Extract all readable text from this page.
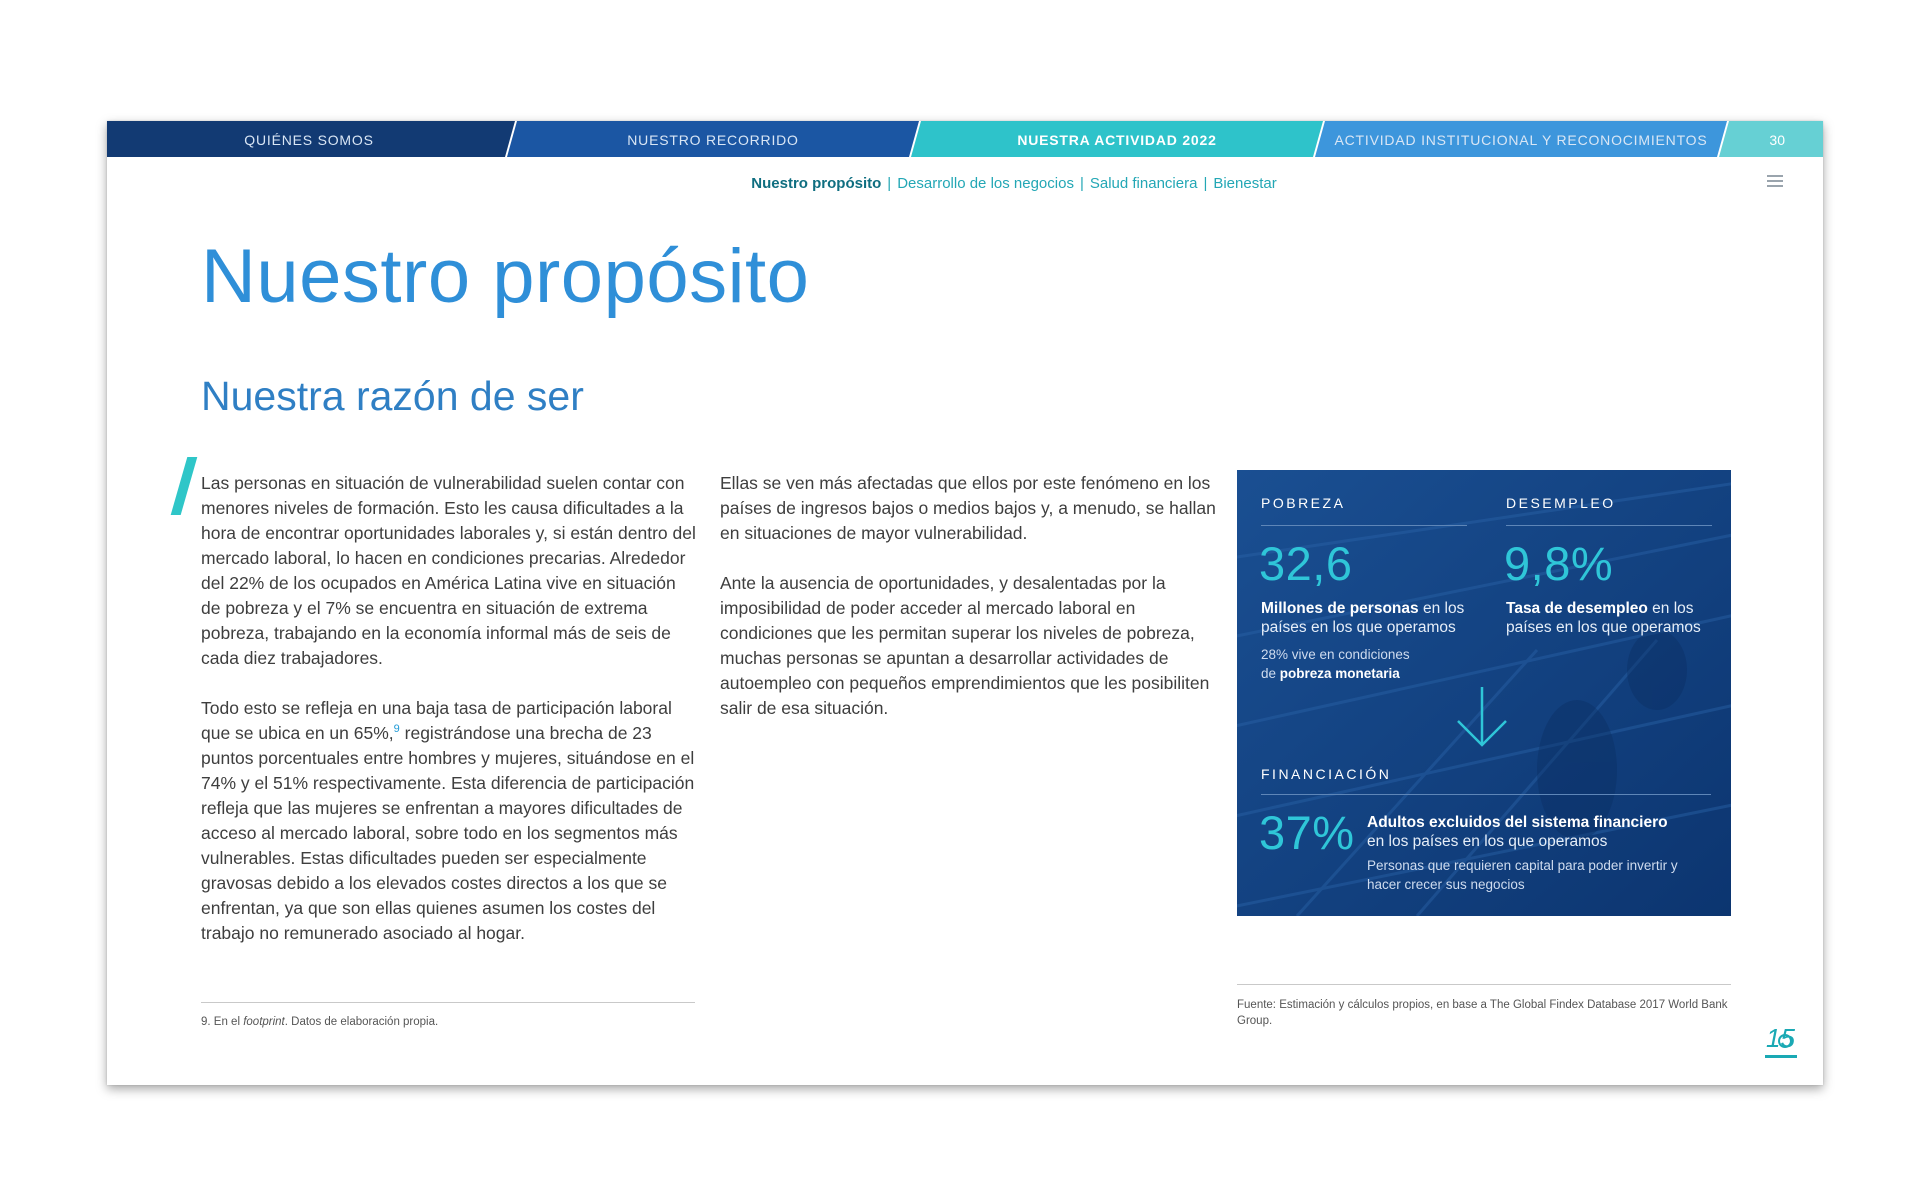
QUIÉNES SOMOS	NUESTRO RECORRIDO	NUESTRA ACTIVIDAD 2022	ACTIVIDAD INSTITUCIONAL Y RECONOCIMIENTOS	30
Nuestro propósito | Desarrollo de los negocios | Salud financiera | Bienestar
Nuestro propósito
Nuestra razón de ser

Las personas en situación de vulnerabilidad suelen contar con menores niveles de formación. Esto les causa dificultades a la hora de encontrar oportunidades laborales y, si están dentro del mercado laboral, lo hacen en condiciones precarias. Alrededor del 22% de los ocupados en América Latina vive en situación de pobreza y el 7% se encuentra en situación de extrema pobreza, trabajando en la economía informal más de seis de cada diez trabajadores.

Todo esto se refleja en una baja tasa de participación laboral que se ubica en un 65%,$^9$ registrándose una brecha de 23 puntos porcentuales entre hombres y mujeres, situándose en el 74% y el 51% respectivamente. Esta diferencia de participación refleja que las mujeres se enfrentan a mayores dificultades de acceso al mercado laboral, sobre todo en los segmentos más vulnerables. Estas dificultades pueden ser especialmente gravosas debido a los elevados costes directos a los que se enfrentan, ya que son ellas quienes asumen los costes del trabajo no remunerado asociado al hogar.

Ellas se ven más afectadas que ellos por este fenómeno en los países de ingresos bajos o medios bajos y, a menudo, se hallan en situaciones de mayor vulnerabilidad.

Ante la ausencia de oportunidades, y desalentadas por la imposibilidad de poder acceder al mercado laboral en condiciones que les permitan superar los niveles de pobreza, muchas personas se apuntan a desarrollar actividades de autoempleo con pequeños emprendimientos que les posibiliten salir de esa situación.

9. En el footprint. Datos de elaboración propia.
POBREZA
32,6
Millones de personas en los países en los que operamos
28% vive en condiciones
de pobreza monetaria
DESEMPLEO
9,8%
Tasa de desempleo en los países en los que operamos
FINANCIACIÓN
37% Adultos excluidos del sistema financiero
en los países en los que operamos
Personas que requieren capital para poder invertir y hacer crecer sus negocios
Fuente: Estimación y cálculos propios, en base a The Global Findex Database 2017 World Bank Group.
15
